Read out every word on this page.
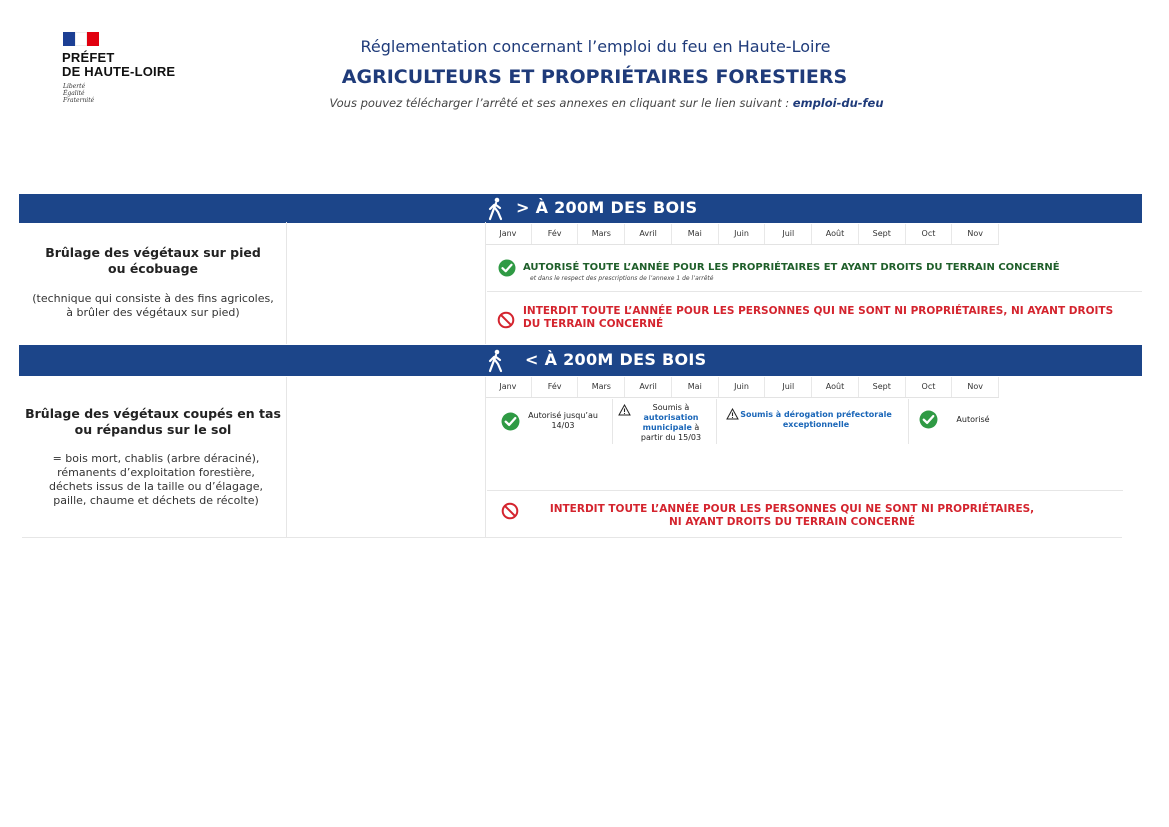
PRÉFET
DE HAUTE-LOIRE
Liberté
Égalité
Fraternité
Réglementation concernant l’emploi du feu en Haute-Loire
AGRICULTEURS ET PROPRIÉTAIRES FORESTIERS
Vous pouvez télécharger l’arrêté et ses annexes en cliquant sur le lien suivant : emploi-du-feu
> À 200M DES BOIS
Janv	Fév	Mars	Avril	Mai	Juin	Juil	Août	Sept	Oct	Nov
Brûlage des végétaux sur pied
ou écobuage
(technique qui consiste à des fins agricoles,
à brûler des végétaux sur pied)
AUTORISÉ TOUTE L’ANNÉE POUR LES PROPRIÉTAIRES ET AYANT DROITS DU TERRAIN CONCERNÉ
et dans le respect des prescriptions de l’annexe 1 de l’arrêté
INTERDIT TOUTE L’ANNÉE POUR LES PERSONNES QUI NE SONT NI PROPRIÉTAIRES, NI AYANT DROITS
DU TERRAIN CONCERNÉ
< À 200M DES BOIS
Janv	Fév	Mars	Avril	Mai	Juin	Juil	Août	Sept	Oct	Nov
Brûlage des végétaux coupés en tas
ou répandus sur le sol
= bois mort, chablis (arbre déraciné),
rémanents d’exploitation forestière,
déchets issus de la taille ou d’élagage,
paille, chaume et déchets de récolte)
Autorisé jusqu’au
14/03
Soumis à
autorisation
municipale à
partir du 15/03
Soumis à dérogation préfectorale
exceptionnelle
Autorisé
INTERDIT TOUTE L’ANNÉE POUR LES PERSONNES QUI NE SONT NI PROPRIÉTAIRES,
NI AYANT DROITS DU TERRAIN CONCERNÉ
